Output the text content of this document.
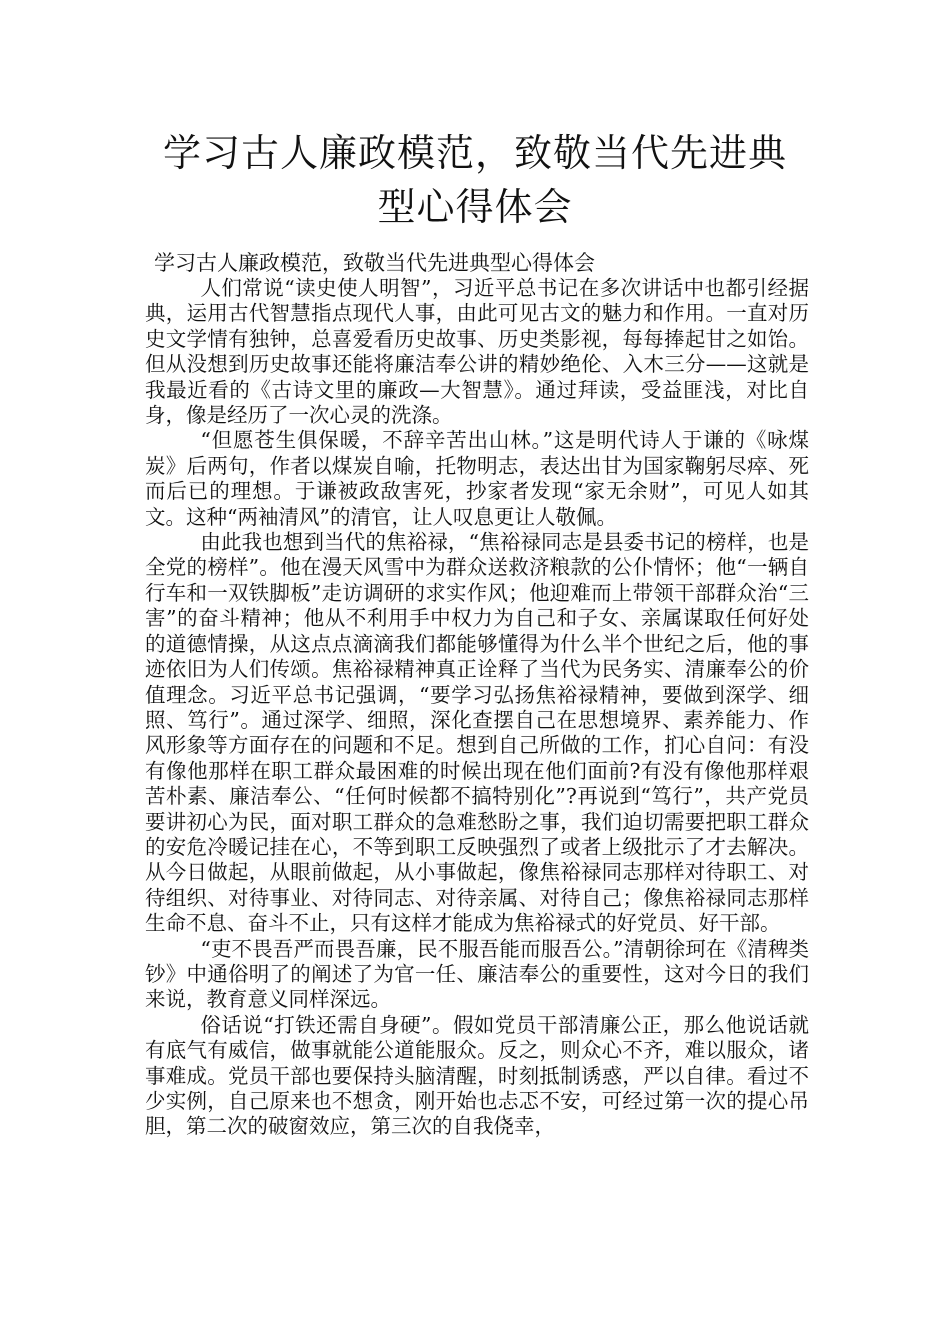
学习古人廉政模范，致敬当代先进典型心得体会

学习古人廉政模范，致敬当代先进典型心得体会

人们常说“读史使人明智”，习近平总书记在多次讲话中也都引经据典，运用古代智慧指点现代人事，由此可见古文的魅力和作用。一直对历史文学情有独钟，总喜爱看历史故事、历史类影视，每每捧起甘之如饴。但从没想到历史故事还能将廉洁奉公讲的精妙绝伦、入木三分——这就是我最近看的《古诗文里的廉政—大智慧》。通过拜读，受益匪浅，对比自身，像是经历了一次心灵的洗涤。

“但愿苍生俱保暖，不辞辛苦出山林。”这是明代诗人于谦的《咏煤炭》后两句，作者以煤炭自喻，托物明志，表达出甘为国家鞠躬尽瘁、死而后已的理想。于谦被政敌害死，抄家者发现“家无余财”，可见人如其文。这种“两袖清风”的清官，让人叹息更让人敬佩。

由此我也想到当代的焦裕禄，“焦裕禄同志是县委书记的榜样，也是全党的榜样”。他在漫天风雪中为群众送救济粮款的公仆情怀；他“一辆自行车和一双铁脚板”走访调研的求实作风；他迎难而上带领干部群众治“三害”的奋斗精神；他从不利用手中权力为自己和子女、亲属谋取任何好处的道德情操，从这点点滴滴我们都能够懂得为什么半个世纪之后，他的事迹依旧为人们传颂。焦裕禄精神真正诠释了当代为民务实、清廉奉公的价值理念。习近平总书记强调，“要学习弘扬焦裕禄精神，要做到深学、细照、笃行”。通过深学、细照，深化查摆自己在思想境界、素养能力、作风形象等方面存在的问题和不足。想到自己所做的工作，扪心自问：有没有像他那样在职工群众最困难的时候出现在他们面前?有没有像他那样艰苦朴素、廉洁奉公、“任何时候都不搞特别化”?再说到“笃行”，共产党员要讲初心为民，面对职工群众的急难愁盼之事，我们迫切需要把职工群众的安危冷暖记挂在心，不等到职工反映强烈了或者上级批示了才去解决。从今日做起，从眼前做起，从小事做起，像焦裕禄同志那样对待职工、对待组织、对待事业、对待同志、对待亲属、对待自己；像焦裕禄同志那样生命不息、奋斗不止，只有这样才能成为焦裕禄式的好党员、好干部。

“吏不畏吾严而畏吾廉，民不服吾能而服吾公。”清朝徐珂在《清稗类钞》中通俗明了的阐述了为官一任、廉洁奉公的重要性，这对今日的我们来说，教育意义同样深远。

俗话说“打铁还需自身硬”。假如党员干部清廉公正，那么他说话就有底气有威信，做事就能公道能服众。反之，则众心不齐，难以服众，诸事难成。党员干部也要保持头脑清醒，时刻抵制诱惑，严以自律。看过不少实例，自己原来也不想贪，刚开始也忐忑不安，可经过第一次的提心吊胆，第二次的破窗效应，第三次的自我侥幸，
